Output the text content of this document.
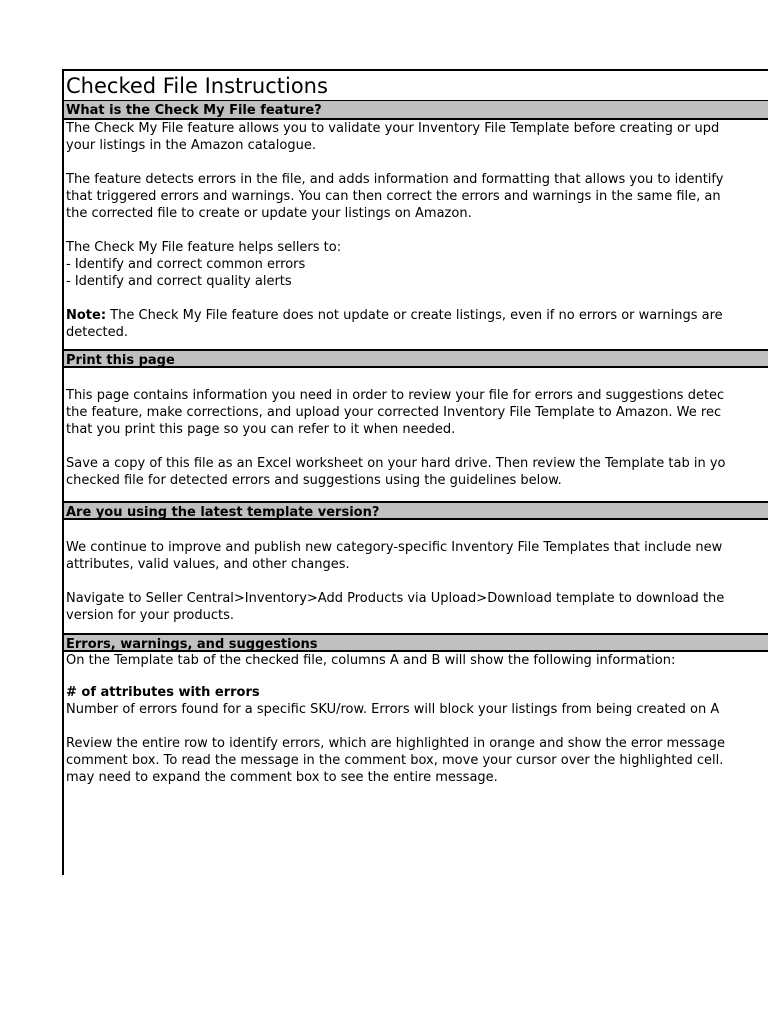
Checked File Instructions
What is the Check My File feature?
The Check My File feature allows you to validate your Inventory File Template before creating or upd
your listings in the Amazon catalogue.
The feature detects errors in the file, and adds information and formatting that allows you to identify
that triggered errors and warnings. You can then correct the errors and warnings in the same file, an
the corrected file to create or update your listings on Amazon.
The Check My File feature helps sellers to:
- Identify and correct common errors
- Identify and correct quality alerts
Note: The Check My File feature does not update or create listings, even if no errors or warnings are
detected.
Print this page
This page contains information you need in order to review your file for errors and suggestions detec
the feature, make corrections, and upload your corrected Inventory File Template to Amazon. We rec
that you print this page so you can refer to it when needed.
Save a copy of this file as an Excel worksheet on your hard drive. Then review the Template tab in yo
checked file for detected errors and suggestions using the guidelines below.
Are you using the latest template version?
We continue to improve and publish new category-specific Inventory File Templates that include new
attributes, valid values, and other changes.
Navigate to Seller Central>Inventory>Add Products via Upload>Download template to download the
version for your products.
Errors, warnings, and suggestions
On the Template tab of the checked file, columns A and B will show the following information:
# of attributes with errors
Number of errors found for a specific SKU/row. Errors will block your listings from being created on A
Review the entire row to identify errors, which are highlighted in orange and show the error message
comment box. To read the message in the comment box, move your cursor over the highlighted cell.
may need to expand the comment box to see the entire message.
